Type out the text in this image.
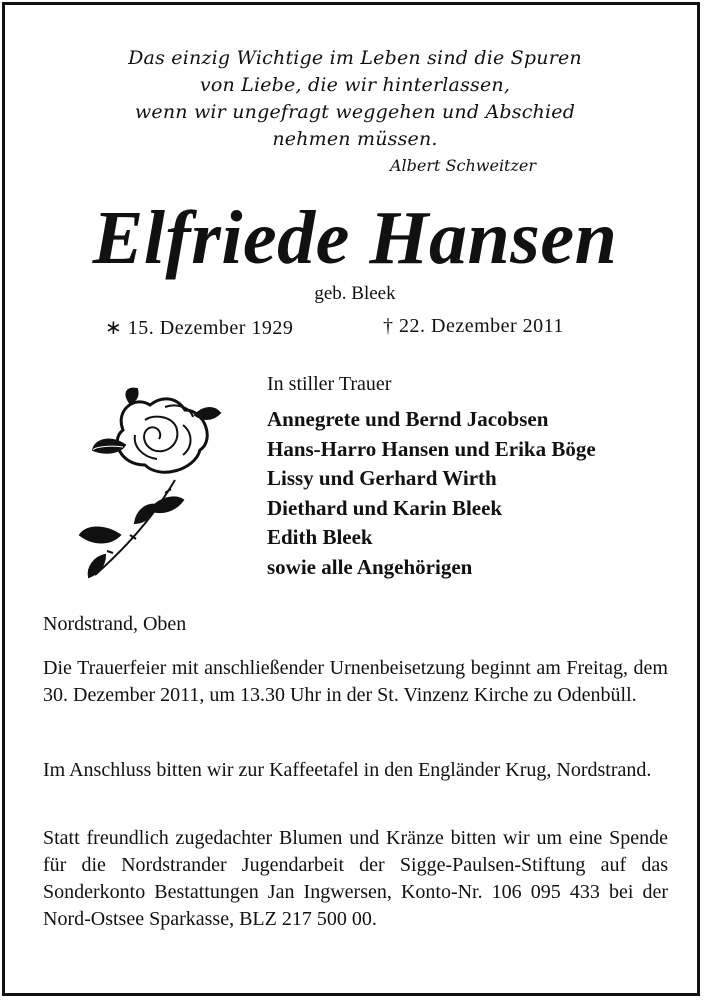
Das einzig Wichtige im Leben sind die Spuren
von Liebe, die wir hinterlassen,
wenn wir ungefragt weggehen und Abschied
nehmen müssen.
Albert Schweitzer
Elfriede Hansen
geb. Bleek
∗ 15. Dezember 1929	† 22. Dezember 2011
In stiller Trauer
Annegrete und Bernd Jacobsen
Hans-Harro Hansen und Erika Böge
Lissy und Gerhard Wirth
Diethard und Karin Bleek
Edith Bleek
sowie alle Angehörigen
Nordstrand, Oben
Die Trauerfeier mit anschließender Urnenbeisetzung beginnt am Freitag, dem 30. Dezember 2011, um 13.30 Uhr in der St. Vinzenz Kirche zu Odenbüll.
Im Anschluss bitten wir zur Kaffeetafel in den Engländer Krug, Nordstrand.
Statt freundlich zugedachter Blumen und Kränze bitten wir um eine Spende für die Nordstrander Jugendarbeit der Sigge-Paulsen-Stiftung auf das Sonderkonto Bestattungen Jan Ingwersen, Konto-Nr. 106 095 433 bei der Nord-Ostsee Sparkasse, BLZ 217 500 00.
